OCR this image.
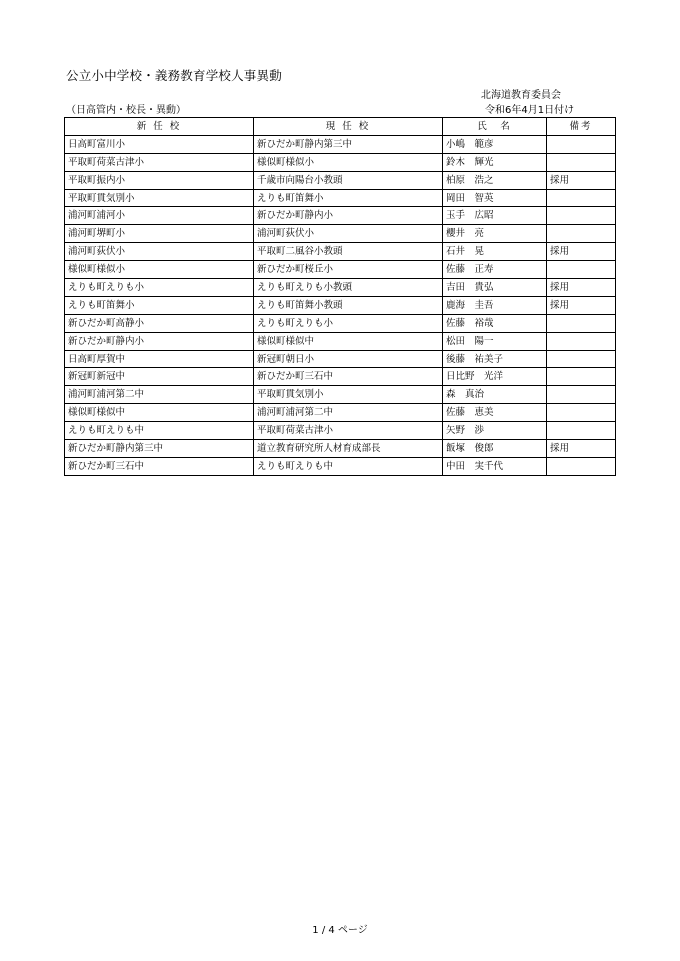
公立小中学校・義務教育学校人事異動
北海道教育委員会
（日高管内・校長・異動）	令和6年4月1日付け
新 任 校	現 任 校	氏　名	備考
日高町富川小	新ひだか町静内第三中	小嶋　範彦	
平取町荷菜古津小	様似町様似小	鈴木　輝光	
平取町振内小	千歳市向陽台小教頭	柏原　浩之	採用
平取町貫気別小	えりも町笛舞小	岡田　智英	
浦河町浦河小	新ひだか町静内小	玉手　広昭	
浦河町堺町小	浦河町荻伏小	櫻井　亮	
浦河町荻伏小	平取町二風谷小教頭	石井　晃	採用
様似町様似小	新ひだか町桜丘小	佐藤　正寿	
えりも町えりも小	えりも町えりも小教頭	吉田　貴弘	採用
えりも町笛舞小	えりも町笛舞小教頭	鹿海　圭吾	採用
新ひだか町高静小	えりも町えりも小	佐藤　裕哉	
新ひだか町静内小	様似町様似中	松田　陽一	
日高町厚賀中	新冠町朝日小	後藤　祐美子	
新冠町新冠中	新ひだか町三石中	日比野　光洋	
浦河町浦河第二中	平取町貫気別小	森　真治	
様似町様似中	浦河町浦河第二中	佐藤　恵美	
えりも町えりも中	平取町荷菜古津小	矢野　渉	
新ひだか町静内第三中	道立教育研究所人材育成部長	飯塚　俊郎	採用
新ひだか町三石中	えりも町えりも中	中田　実千代	
1 / 4 ページ
